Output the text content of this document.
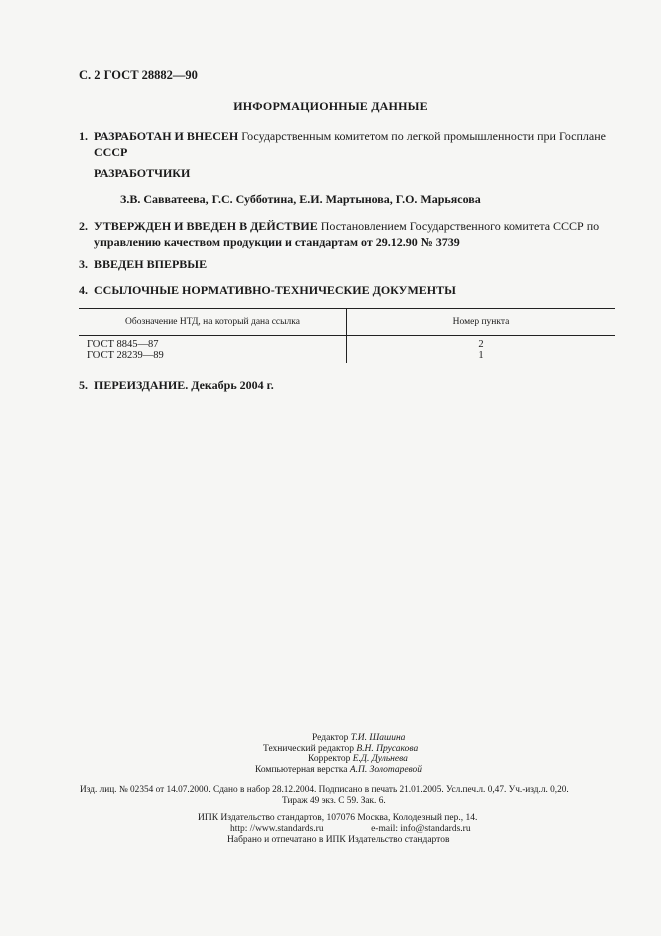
С. 2 ГОСТ 28882—90
ИНФОРМАЦИОННЫЕ ДАННЫЕ
1. РАЗРАБОТАН И ВНЕСЕН Государственным комитетом по легкой промышленности при Госплане
СССР
РАЗРАБОТЧИКИ
З.В. Савватеева, Г.С. Субботина, Е.И. Мартынова, Г.О. Марьясова
2. УТВЕРЖДЕН И ВВЕДЕН В ДЕЙСТВИЕ Постановлением Государственного комитета СССР по
управлению качеством продукции и стандартам от 29.12.90 № 3739
3. ВВЕДЕН ВПЕРВЫЕ
4. ССЫЛОЧНЫЕ НОРМАТИВНО-ТЕХНИЧЕСКИЕ ДОКУМЕНТЫ
Обозначение НТД, на который дана ссылка	Номер пункта
ГОСТ 8845—87	2
ГОСТ 28239—89	1
5. ПЕРЕИЗДАНИЕ. Декабрь 2004 г.
Редактор Т.И. Шашина
Технический редактор В.Н. Прусакова
Корректор Е.Д. Дульнева
Компьютерная верстка А.П. Золотаревой
Изд. лиц. № 02354 от 14.07.2000. Сдано в набор 28.12.2004. Подписано в печать 21.01.2005. Усл.печ.л. 0,47. Уч.-изд.л. 0,20.
Тираж 49 экз. С 59. Зак. 6.
ИПК Издательство стандартов, 107076 Москва, Колодезный пер., 14.
http: //www.standards.ru                    e-mail: info@standards.ru
Набрано и отпечатано в ИПК Издательство стандартов
